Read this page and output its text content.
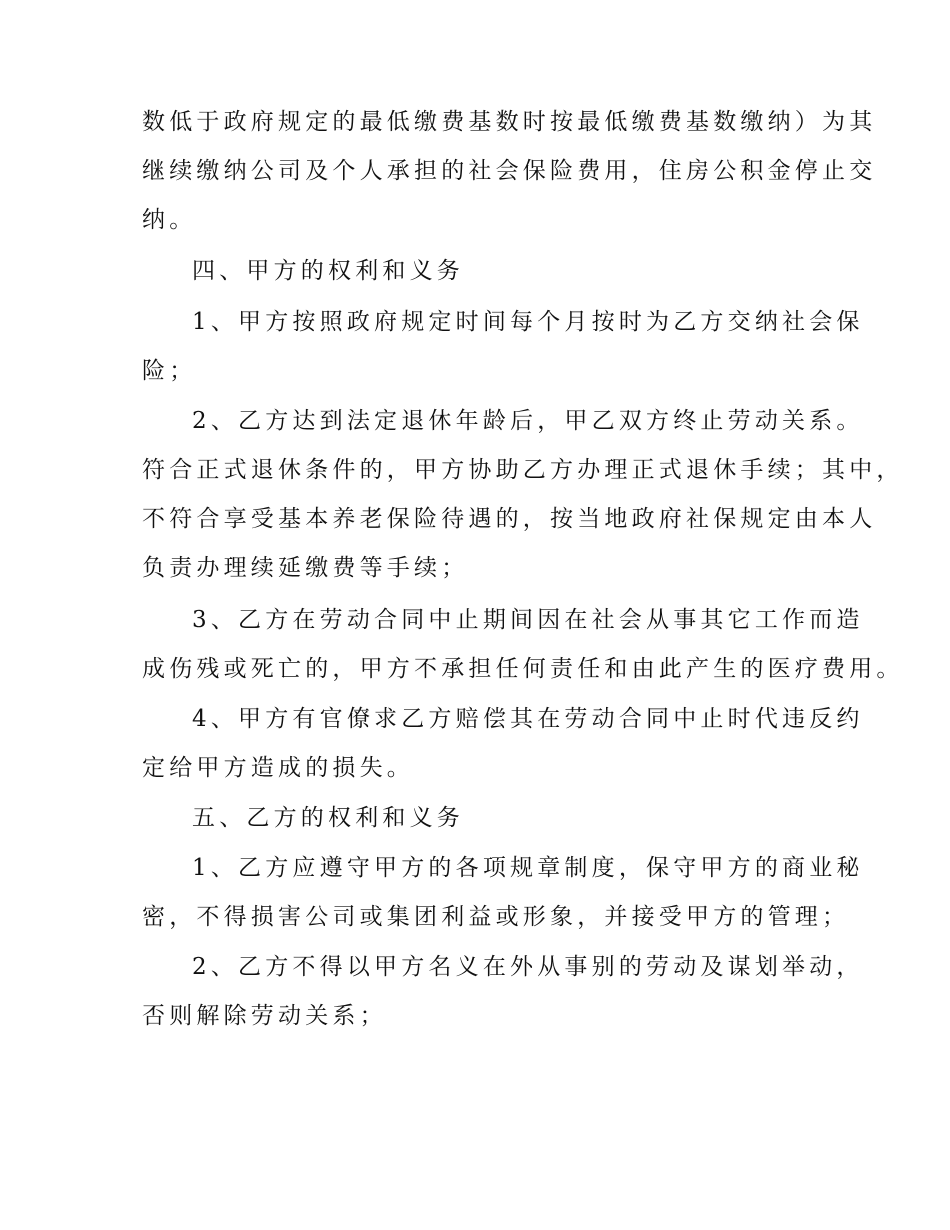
数低于政府规定的最低缴费基数时按最低缴费基数缴纳）为其
继续缴纳公司及个人承担的社会保险费用，住房公积金停止交
纳。
四、甲方的权利和义务
1、甲方按照政府规定时间每个月按时为乙方交纳社会保
险；
2、乙方达到法定退休年龄后，甲乙双方终止劳动关系。
符合正式退休条件的，甲方协助乙方办理正式退休手续；其中，
不符合享受基本养老保险待遇的，按当地政府社保规定由本人
负责办理续延缴费等手续；
3、乙方在劳动合同中止期间因在社会从事其它工作而造
成伤残或死亡的，甲方不承担任何责任和由此产生的医疗费用。
4、甲方有官僚求乙方赔偿其在劳动合同中止时代违反约
定给甲方造成的损失。
五、乙方的权利和义务
1、乙方应遵守甲方的各项规章制度，保守甲方的商业秘
密，不得损害公司或集团利益或形象，并接受甲方的管理；
2、乙方不得以甲方名义在外从事别的劳动及谋划举动，
否则解除劳动关系；
